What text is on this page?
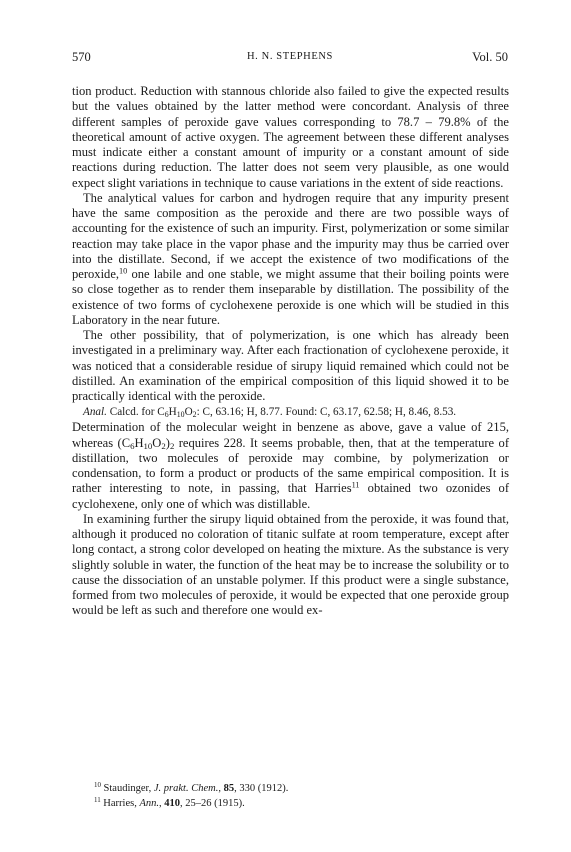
570	H. N. STEPHENS	Vol. 50

tion product. Reduction with stannous chloride also failed to give the expected results but the values obtained by the latter method were concordant. Analysis of three different samples of peroxide gave values corresponding to 78.7 – 79.8% of the theoretical amount of active oxygen. The agreement between these different analyses must indicate either a constant amount of impurity or a constant amount of side reactions during reduction. The latter does not seem very plausible, as one would expect slight variations in technique to cause variations in the extent of side reactions.

The analytical values for carbon and hydrogen require that any impurity present have the same composition as the peroxide and there are two possible ways of accounting for the existence of such an impurity. First, polymerization or some similar reaction may take place in the vapor phase and the impurity may thus be carried over into the distillate. Second, if we accept the existence of two modifications of the peroxide,$^{10}$ one labile and one stable, we might assume that their boiling points were so close together as to render them inseparable by distillation. The possibility of the existence of two forms of cyclohexene peroxide is one which will be studied in this Laboratory in the near future.

The other possibility, that of polymerization, is one which has already been investigated in a preliminary way. After each fractionation of cyclohexene peroxide, it was noticed that a considerable residue of sirupy liquid remained which could not be distilled. An examination of the empirical composition of this liquid showed it to be practically identical with the peroxide.

Anal. Calcd. for $C_6H_{10}O_2$: C, 63.16; H, 8.77. Found: C, 63.17, 62.58; H, 8.46, 8.53.

Determination of the molecular weight in benzene as above, gave a value of 215, whereas $(C_6H_{10}O_2)_2$ requires 228. It seems probable, then, that at the temperature of distillation, two molecules of peroxide may combine, by polymerization or condensation, to form a product or products of the same empirical composition. It is rather interesting to note, in passing, that Harries$^{11}$ obtained two ozonides of cyclohexene, only one of which was distillable.

In examining further the sirupy liquid obtained from the peroxide, it was found that, although it produced no coloration of titanic sulfate at room temperature, except after long contact, a strong color developed on heating the mixture. As the substance is very slightly soluble in water, the function of the heat may be to increase the solubility or to cause the dissociation of an unstable polymer. If this product were a single substance, formed from two molecules of peroxide, it would be expected that one peroxide group would be left as such and therefore one would ex-

$^{10}$ Staudinger, J. prakt. Chem., 85, 330 (1912).

$^{11}$ Harries, Ann., 410, 25–26 (1915).
